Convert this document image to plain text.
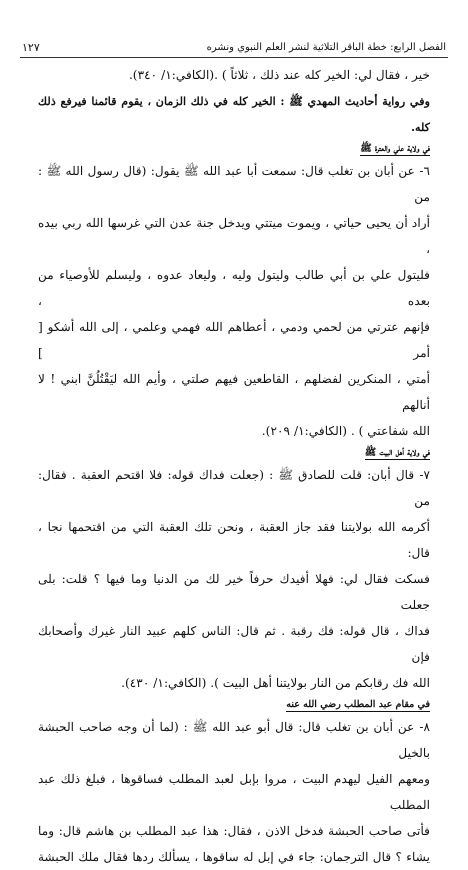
الفصل الرابع: خطة الباقر التلاثية لنشر العلم النبوي ونشره
١٢٧

خير ، فقال لي: الخير كله عند ذلك ، ثلاثاً ) .(الكافي:١/ ٣٤٠).

وفي رواية أحاديث المهدي ﷺ : الخير كله في ذلك الزمان ، يقوم قائمنا فيرفع ذلك كله.

في ولاية علي والعترة ﷺ

٦- عن أبان بن تغلب قال: سمعت أبا عبد الله ﷺ يقول: (قال رسول الله ﷺ : من

أراد أن يحيى حياتي ، ويموت ميتتي ويدخل جنة عدن التي غرسها الله ربي بيده ،

فليتول علي بن أبي طالب وليتول وليه ، وليعاد عدوه ، وليسلم للأوصياء من بعده ،

فإنهم عترتي من لحمي ودمي ، أعطاهم الله فهمي وعلمي ، إلى الله أشكو [ أمر ]

أمتي ، المنكرين لفضلهم ، القاطعين فيهم صلتي ، وأيم الله ليَقْتُلُنَّ ابني ! لا أنالهم

الله شفاعتي ) . (الكافي:١/ ٢٠٩).

في ولاية أهل البيت ﷺ

٧- قال أبان: قلت للصادق ﷺ : (جعلت فداك قوله: فلا اقتحم العقبة . فقال: من

أكرمه الله بولايتنا فقد جاز العقبة ، ونحن تلك العقبة التي من اقتحمها نجا ، قال:

فسكت فقال لي: فهلا أفيدك حرفاً خير لك من الدنيا وما فيها ؟ قلت: بلى جعلت

فداك ، قال قوله: فك رقبة . ثم قال: الناس كلهم عبيد النار غيرك وأصحابك فإن

الله فك رقابكم من النار بولايتنا أهل البيت ). (الكافي:١/ ٤٣٠).

في مقام عبد المطلب رضي الله عنه

٨- عن أبان بن تغلب قال: قال أبو عبد الله ﷺ : (لما أن وجه صاحب الحبشة بالخيل

ومعهم الفيل ليهدم البيت ، مروا بإبل لعبد المطلب فساقوها ، فبلغ ذلك عبد المطلب

فأتى صاحب الحبشة فدخل الاذن ، فقال: هذا عبد المطلب بن هاشم قال: وما

يشاء ؟ قال الترجمان: جاء في إبل له ساقوها ، يسألك ردها فقال ملك الحبشة
